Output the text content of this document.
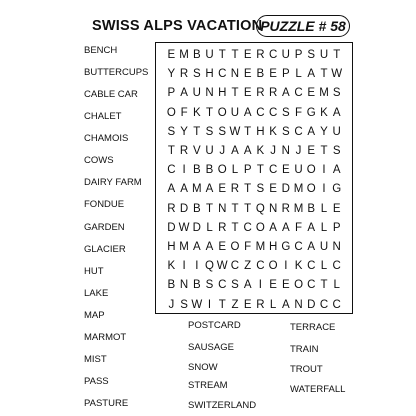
SWISS ALPS VACATION
PUZZLE # 58
BENCH
BUTTERCUPS
CABLE CAR
CHALET
CHAMOIS
COWS
DAIRY FARM
FONDUE
GARDEN
GLACIER
HUT
LAKE
MAP
MARMOT
MIST
PASS
PASTURE
E M B U T T E R C U P S U T
Y R S H C N E B E P L A T W
P A U N H T E R R A C E M S
O F K T O U A C C S F G K A
S Y T S S W T H K S C A Y U
T R V U J A A K J N J E T S
C I B B O L P T C E U O I A
A A M A E R T S E D M O I G
R D B T N T T Q N R M B L E
D W D L R T C O A A F A L P
H M A A E O F M H G C A U N
K I I Q W C Z C O I K C L C
B N B S C S A I E E O C T L
J S W I T Z E R L A N D C C
POSTCARD
SAUSAGE
SNOW
STREAM
SWITZERLAND
TERRACE
TRAIN
TROUT
WATERFALL
